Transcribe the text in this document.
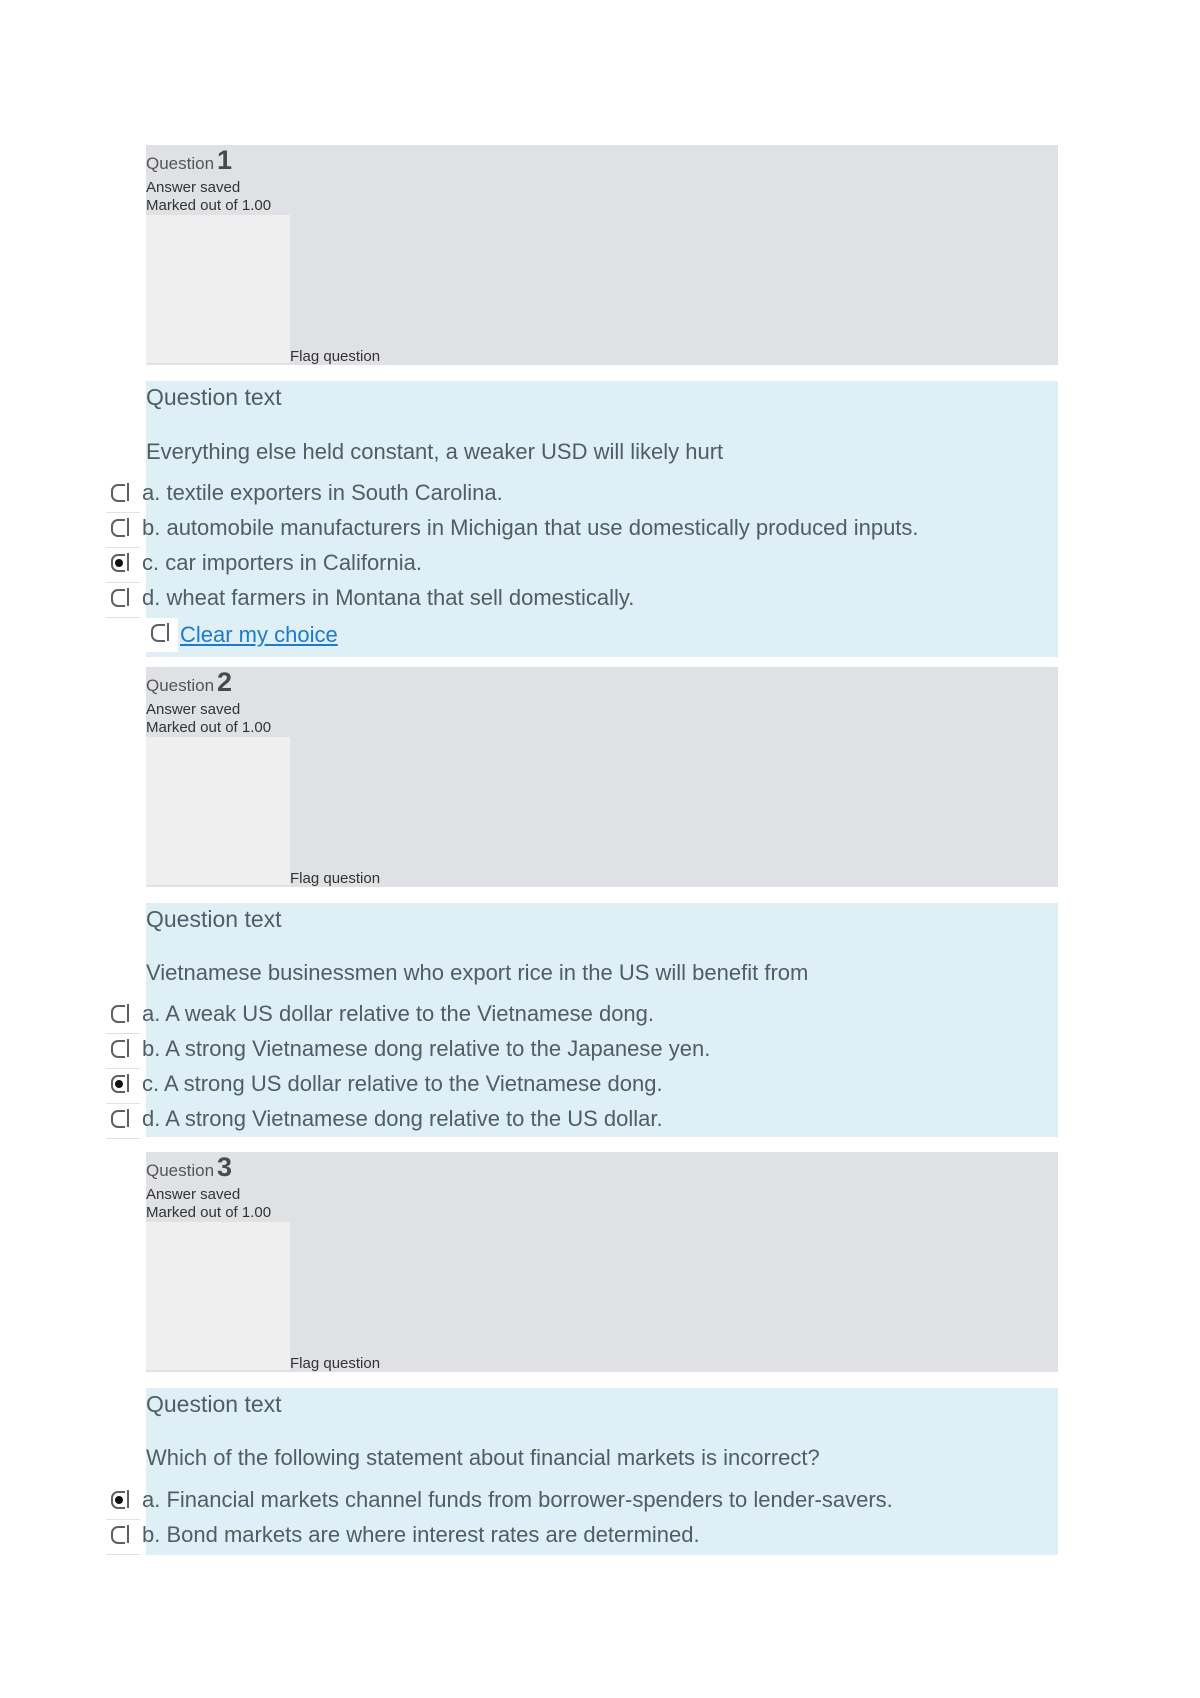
Question 1
Answer saved
Marked out of 1.00
Flag question
Question text
Everything else held constant, a weaker USD will likely hurt
a. textile exporters in South Carolina.
b. automobile manufacturers in Michigan that use domestically produced inputs.
c. car importers in California.
d. wheat farmers in Montana that sell domestically.
Clear my choice
Question 2
Answer saved
Marked out of 1.00
Flag question
Question text
Vietnamese businessmen who export rice in the US will benefit from
a. A weak US dollar relative to the Vietnamese dong.
b. A strong Vietnamese dong relative to the Japanese yen.
c. A strong US dollar relative to the Vietnamese dong.
d. A strong Vietnamese dong relative to the US dollar.
Question 3
Answer saved
Marked out of 1.00
Flag question
Question text
Which of the following statement about financial markets is incorrect?
a. Financial markets channel funds from borrower-spenders to lender-savers.
b. Bond markets are where interest rates are determined.
